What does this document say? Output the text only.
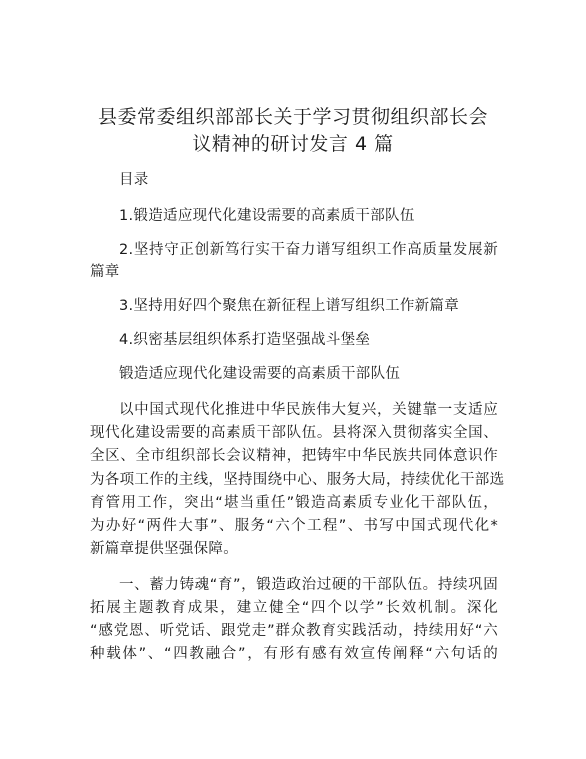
县委常委组织部部长关于学习贯彻组织部长会
议精神的研讨发言 4 篇
目录
1.锻造适应现代化建设需要的高素质干部队伍
2.坚持守正创新笃行实干奋力谱写组织工作高质量发展新
篇章
3.坚持用好四个聚焦在新征程上谱写组织工作新篇章
4.织密基层组织体系打造坚强战斗堡垒
锻造适应现代化建设需要的高素质干部队伍
以中国式现代化推进中华民族伟大复兴，关键靠一支适应
现代化建设需要的高素质干部队伍。县将深入贯彻落实全国、
全区、全市组织部长会议精神，把铸牢中华民族共同体意识作
为各项工作的主线，坚持围绕中心、服务大局，持续优化干部选
育管用工作，突出“堪当重任”锻造高素质专业化干部队伍，
为办好“两件大事”、服务“六个工程”、书写中国式现代化*
新篇章提供坚强保障。
一、蓄力铸魂“育”，锻造政治过硬的干部队伍。持续巩固
拓展主题教育成果，建立健全“四个以学”长效机制。深化
“感党恩、听党话、跟党走”群众教育实践活动，持续用好“六
种载体”、“四教融合”，有形有感有效宣传阐释“六句话的
